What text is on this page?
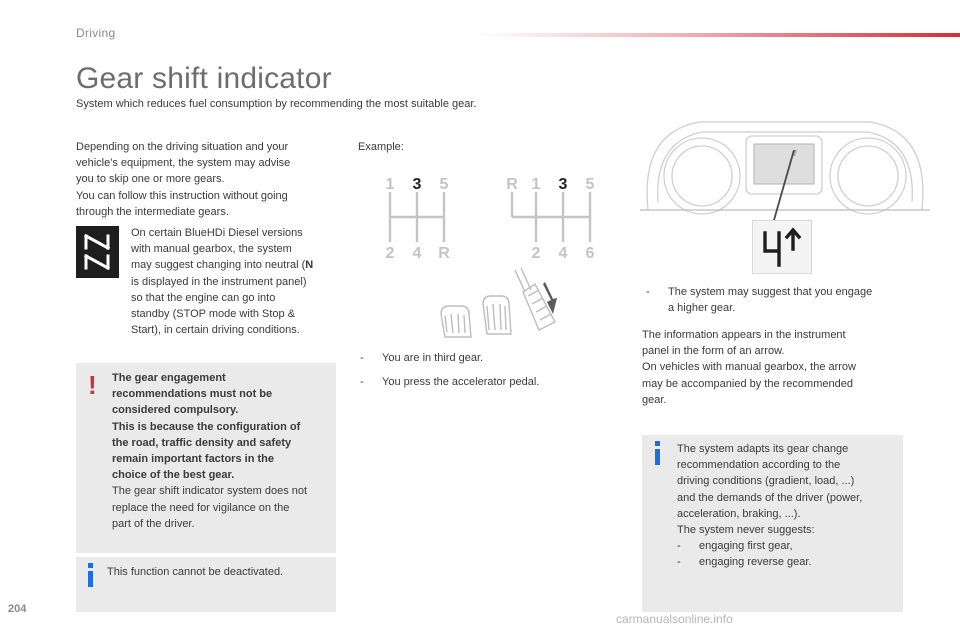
Driving
Gear shift indicator
System which reduces fuel consumption by recommending the most suitable gear.
Depending on the driving situation and your
vehicle's equipment, the system may advise
you to skip one or more gears.
You can follow this instruction without going
through the intermediate gears.
On certain BlueHDi Diesel versions
with manual gearbox, the system
may suggest changing into neutral (N
is displayed in the instrument panel)
so that the engine can go into
standby (STOP mode with Stop &
Start), in certain driving conditions.
! The gear engagement
recommendations must not be
considered compulsory.
This is because the configuration of
the road, traffic density and safety
remain important factors in the
choice of the best gear.
The gear shift indicator system does not
replace the need for vigilance on the
part of the driver.
This function cannot be deactivated.
Example:
1 3 5
2 4 R
R 1 3 5
2 4 6
- You are in third gear.
- You press the accelerator pedal.
- The system may suggest that you engage
a higher gear.
The information appears in the instrument
panel in the form of an arrow.
On vehicles with manual gearbox, the arrow
may be accompanied by the recommended
gear.
The system adapts its gear change
recommendation according to the
driving conditions (gradient, load, ...)
and the demands of the driver (power,
acceleration, braking, ...).
The system never suggests:
- engaging first gear,
- engaging reverse gear.
204
carmanualsonline.info
